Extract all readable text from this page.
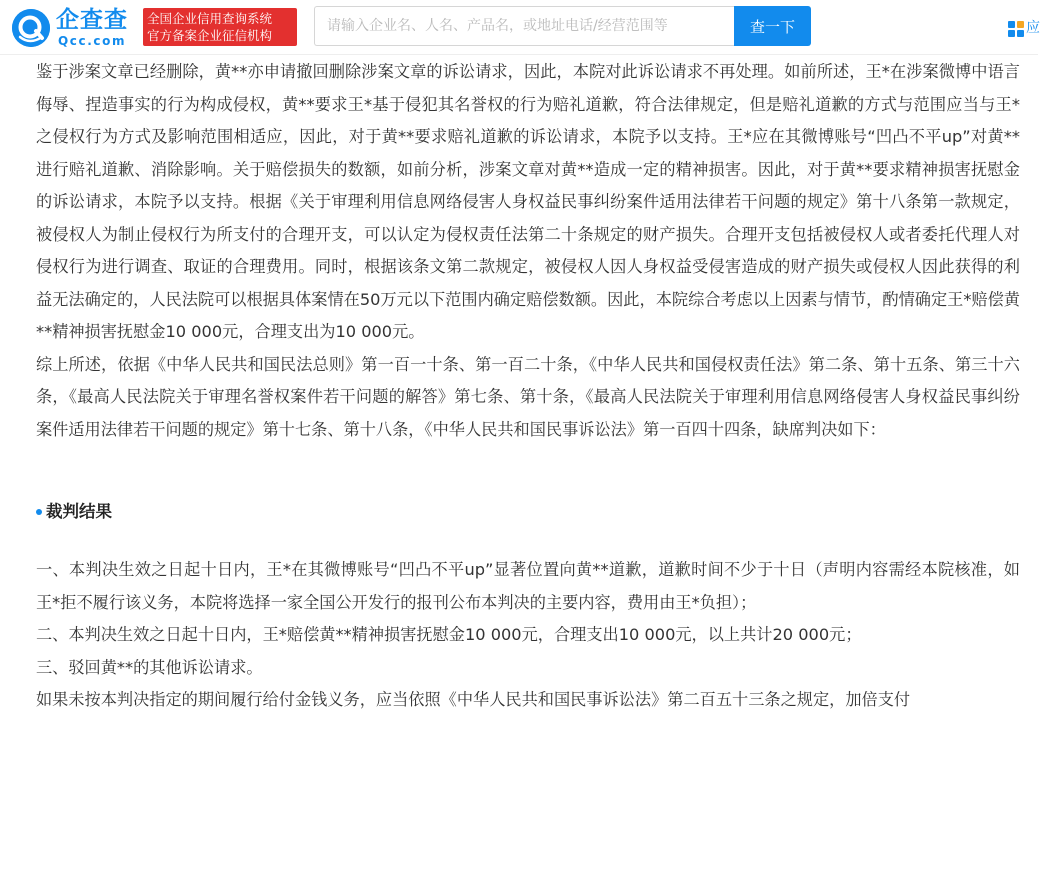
企查查
Qcc.com
全国企业信用查询系统
官方备案企业征信机构
请输入企业名、人名、产品名，或地址电话/经营范围等	查一下	应

鉴于涉案文章已经删除，黄**亦申请撤回删除涉案文章的诉讼请求，因此，本院对此诉讼请求不再处理。如前所述，王*在涉案微博中语言侮辱、捏造事实的行为构成侵权，黄**要求王*基于侵犯其名誉权的行为赔礼道歉，符合法律规定，但是赔礼道歉的方式与范围应当与王*之侵权行为方式及影响范围相适应，因此，对于黄**要求赔礼道歉的诉讼请求，本院予以支持。王*应在其微博账号“凹凸不平up”对黄**进行赔礼道歉、消除影响。关于赔偿损失的数额，如前分析，涉案文章对黄**造成一定的精神损害。因此，对于黄**要求精神损害抚慰金的诉讼请求，本院予以支持。根据《关于审理利用信息网络侵害人身权益民事纠纷案件适用法律若干问题的规定》第十八条第一款规定，被侵权人为制止侵权行为所支付的合理开支，可以认定为侵权责任法第二十条规定的财产损失。合理开支包括被侵权人或者委托代理人对侵权行为进行调查、取证的合理费用。同时，根据该条文第二款规定，被侵权人因人身权益受侵害造成的财产损失或侵权人因此获得的利益无法确定的，人民法院可以根据具体案情在50万元以下范围内确定赔偿数额。因此，本院综合考虑以上因素与情节，酌情确定王*赔偿黄**精神损害抚慰金10 000元，合理支出为10 000元。

综上所述，依据《中华人民共和国民法总则》第一百一十条、第一百二十条，《中华人民共和国侵权责任法》第二条、第十五条、第三十六条，《最高人民法院关于审理名誉权案件若干问题的解答》第七条、第十条，《最高人民法院关于审理利用信息网络侵害人身权益民事纠纷案件适用法律若干问题的规定》第十七条、第十八条，《中华人民共和国民事诉讼法》第一百四十四条，缺席判决如下：

裁判结果

一、本判决生效之日起十日内，王*在其微博账号“凹凸不平up”显著位置向黄**道歉，道歉时间不少于十日（声明内容需经本院核准，如王*拒不履行该义务，本院将选择一家全国公开发行的报刊公布本判决的主要内容，费用由王*负担）；

二、本判决生效之日起十日内，王*赔偿黄**精神损害抚慰金10 000元，合理支出10 000元，以上共计20 000元；

三、驳回黄**的其他诉讼请求。

如果未按本判决指定的期间履行给付金钱义务，应当依照《中华人民共和国民事诉讼法》第二百五十三条之规定，加倍支付
